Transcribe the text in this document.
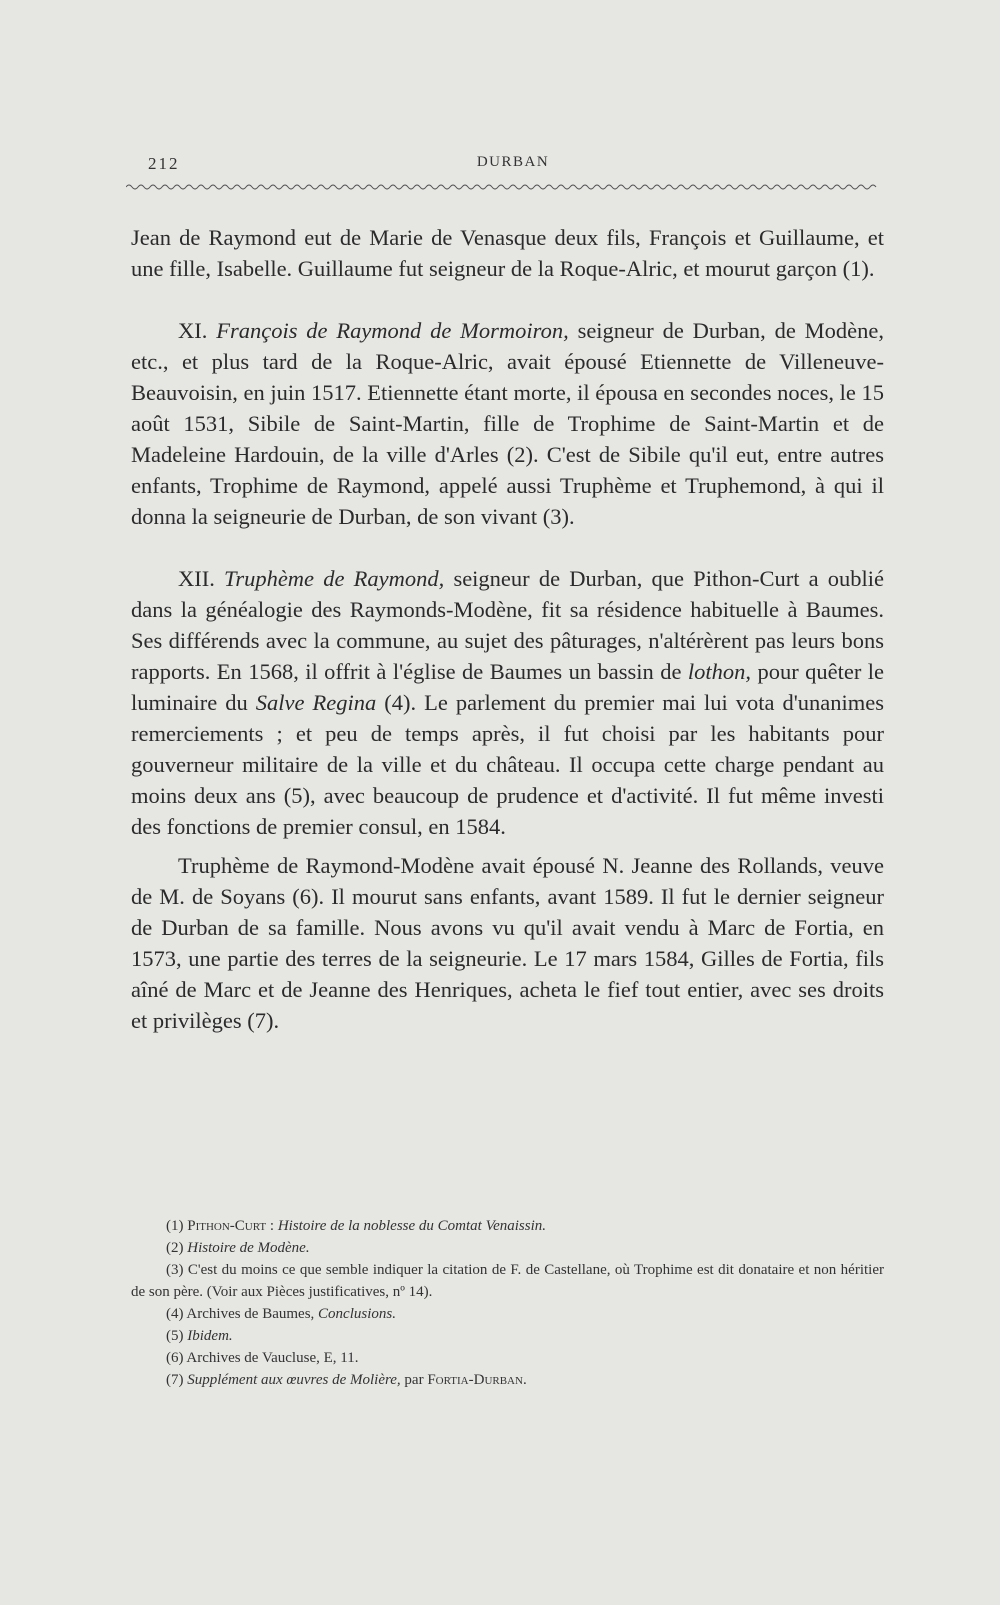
212	DURBAN

Jean de Raymond eut de Marie de Venasque deux fils, François et Guillaume, et une fille, Isabelle. Guillaume fut seigneur de la Roque-Alric, et mourut garçon (1).

XI. François de Raymond de Mormoiron, seigneur de Durban, de Modène, etc., et plus tard de la Roque-Alric, avait épousé Etiennette de Villeneuve-Beauvoisin, en juin 1517. Etiennette étant morte, il épousa en secondes noces, le 15 août 1531, Sibile de Saint-Martin, fille de Trophime de Saint-Martin et de Madeleine Hardouin, de la ville d'Arles (2). C'est de Sibile qu'il eut, entre autres enfants, Trophime de Raymond, appelé aussi Truphème et Truphemond, à qui il donna la seigneurie de Durban, de son vivant (3).

XII. Truphème de Raymond, seigneur de Durban, que Pithon-Curt a oublié dans la généalogie des Raymonds-Modène, fit sa résidence habituelle à Baumes. Ses différends avec la commune, au sujet des pâturages, n'altérèrent pas leurs bons rapports. En 1568, il offrit à l'église de Baumes un bassin de lothon, pour quêter le luminaire du Salve Regina (4). Le parlement du premier mai lui vota d'unanimes remerciements ; et peu de temps après, il fut choisi par les habitants pour gouverneur militaire de la ville et du château. Il occupa cette charge pendant au moins deux ans (5), avec beaucoup de prudence et d'activité. Il fut même investi des fonctions de premier consul, en 1584.

Truphème de Raymond-Modène avait épousé N. Jeanne des Rollands, veuve de M. de Soyans (6). Il mourut sans enfants, avant 1589. Il fut le dernier seigneur de Durban de sa famille. Nous avons vu qu'il avait vendu à Marc de Fortia, en 1573, une partie des terres de la seigneurie. Le 17 mars 1584, Gilles de Fortia, fils aîné de Marc et de Jeanne des Henriques, acheta le fief tout entier, avec ses droits et privilèges (7).

(1) Pithon-Curt : Histoire de la noblesse du Comtat Venaissin.

(2) Histoire de Modène.

(3) C'est du moins ce que semble indiquer la citation de F. de Castellane, où Trophime est dit donataire et non héritier de son père. (Voir aux Pièces justificatives, nº 14).

(4) Archives de Baumes, Conclusions.

(5) Ibidem.

(6) Archives de Vaucluse, E, 11.

(7) Supplément aux œuvres de Molière, par Fortia-Durban.
